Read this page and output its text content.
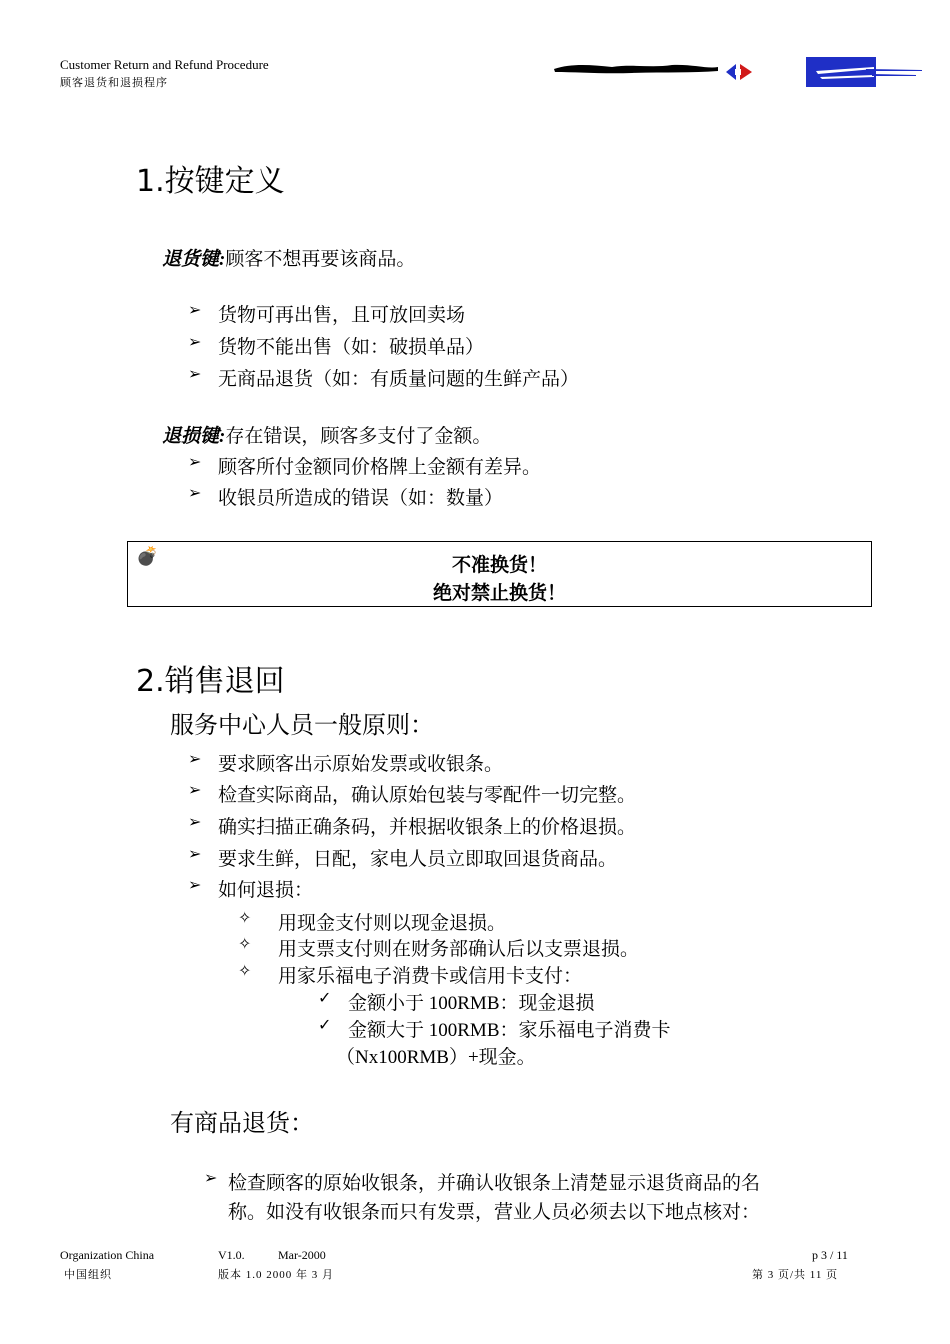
Customer Return and Refund Procedure
顾客退货和退损程序
1.按键定义
退货键:顾客不想再要该商品。
➢ 货物可再出售，且可放回卖场
➢ 货物不能出售（如：破损单品）
➢ 无商品退货（如：有质量问题的生鲜产品）
退损键:存在错误，顾客多支付了金额。
➢ 顾客所付金额同价格牌上金额有差异。
➢ 收银员所造成的错误（如：数量）
💣	不准换货！
绝对禁止换货！
2.销售退回
服务中心人员一般原则：
➢ 要求顾客出示原始发票或收银条。
➢ 检查实际商品，确认原始包装与零配件一切完整。
➢ 确实扫描正确条码，并根据收银条上的价格退损。
➢ 要求生鲜，日配，家电人员立即取回退货商品。
➢ 如何退损：
✧	用现金支付则以现金退损。
✧	用支票支付则在财务部确认后以支票退损。
✧	用家乐福电子消费卡或信用卡支付：
✓ 金额小于 100RMB：现金退损
✓ 金额大于 100RMB：家乐福电子消费卡
（Nx100RMB）+现金。
有商品退货：
➢ 检查顾客的原始收银条，并确认收银条上清楚显示退货商品的名
称。如没有收银条而只有发票，营业人员必须去以下地点核对：
Organization China	V1.0.	Mar-2000	p 3 / 11
中国组织	版本 1.0 2000 年 3 月	第 3 页/共 11 页
